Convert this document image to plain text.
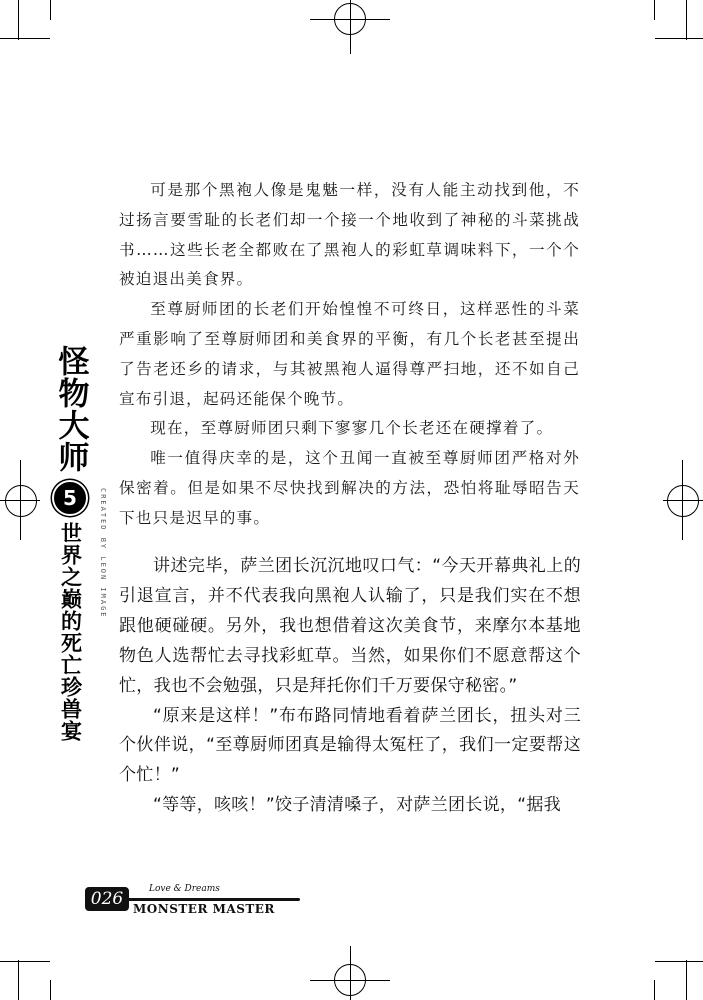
怪物大师
5
世界之巅的死亡珍兽宴 CREATED BY LEON IMAGE

可是那个黑袍人像是鬼魅一样，没有人能主动找到他，不过扬言要雪耻的长老们却一个接一个地收到了神秘的斗菜挑战书……这些长老全都败在了黑袍人的彩虹草调味料下，一个个被迫退出美食界。

至尊厨师团的长老们开始惶惶不可终日，这样恶性的斗菜严重影响了至尊厨师团和美食界的平衡，有几个长老甚至提出了告老还乡的请求，与其被黑袍人逼得尊严扫地，还不如自己宣布引退，起码还能保个晚节。

现在，至尊厨师团只剩下寥寥几个长老还在硬撑着了。

唯一值得庆幸的是，这个丑闻一直被至尊厨师团严格对外保密着。但是如果不尽快找到解决的方法，恐怕将耻辱昭告天下也只是迟早的事。

讲述完毕，萨兰团长沉沉地叹口气：“今天开幕典礼上的引退宣言，并不代表我向黑袍人认输了，只是我们实在不想跟他硬碰硬。另外，我也想借着这次美食节，来摩尔本基地物色人选帮忙去寻找彩虹草。当然，如果你们不愿意帮这个忙，我也不会勉强，只是拜托你们千万要保守秘密。”

“原来是这样！”布布路同情地看着萨兰团长，扭头对三个伙伴说，“至尊厨师团真是输得太冤枉了，我们一定要帮这个忙！”

“等等，咳咳！”饺子清清嗓子，对萨兰团长说，“据我

026	Love & Dreams
MONSTER MASTER
